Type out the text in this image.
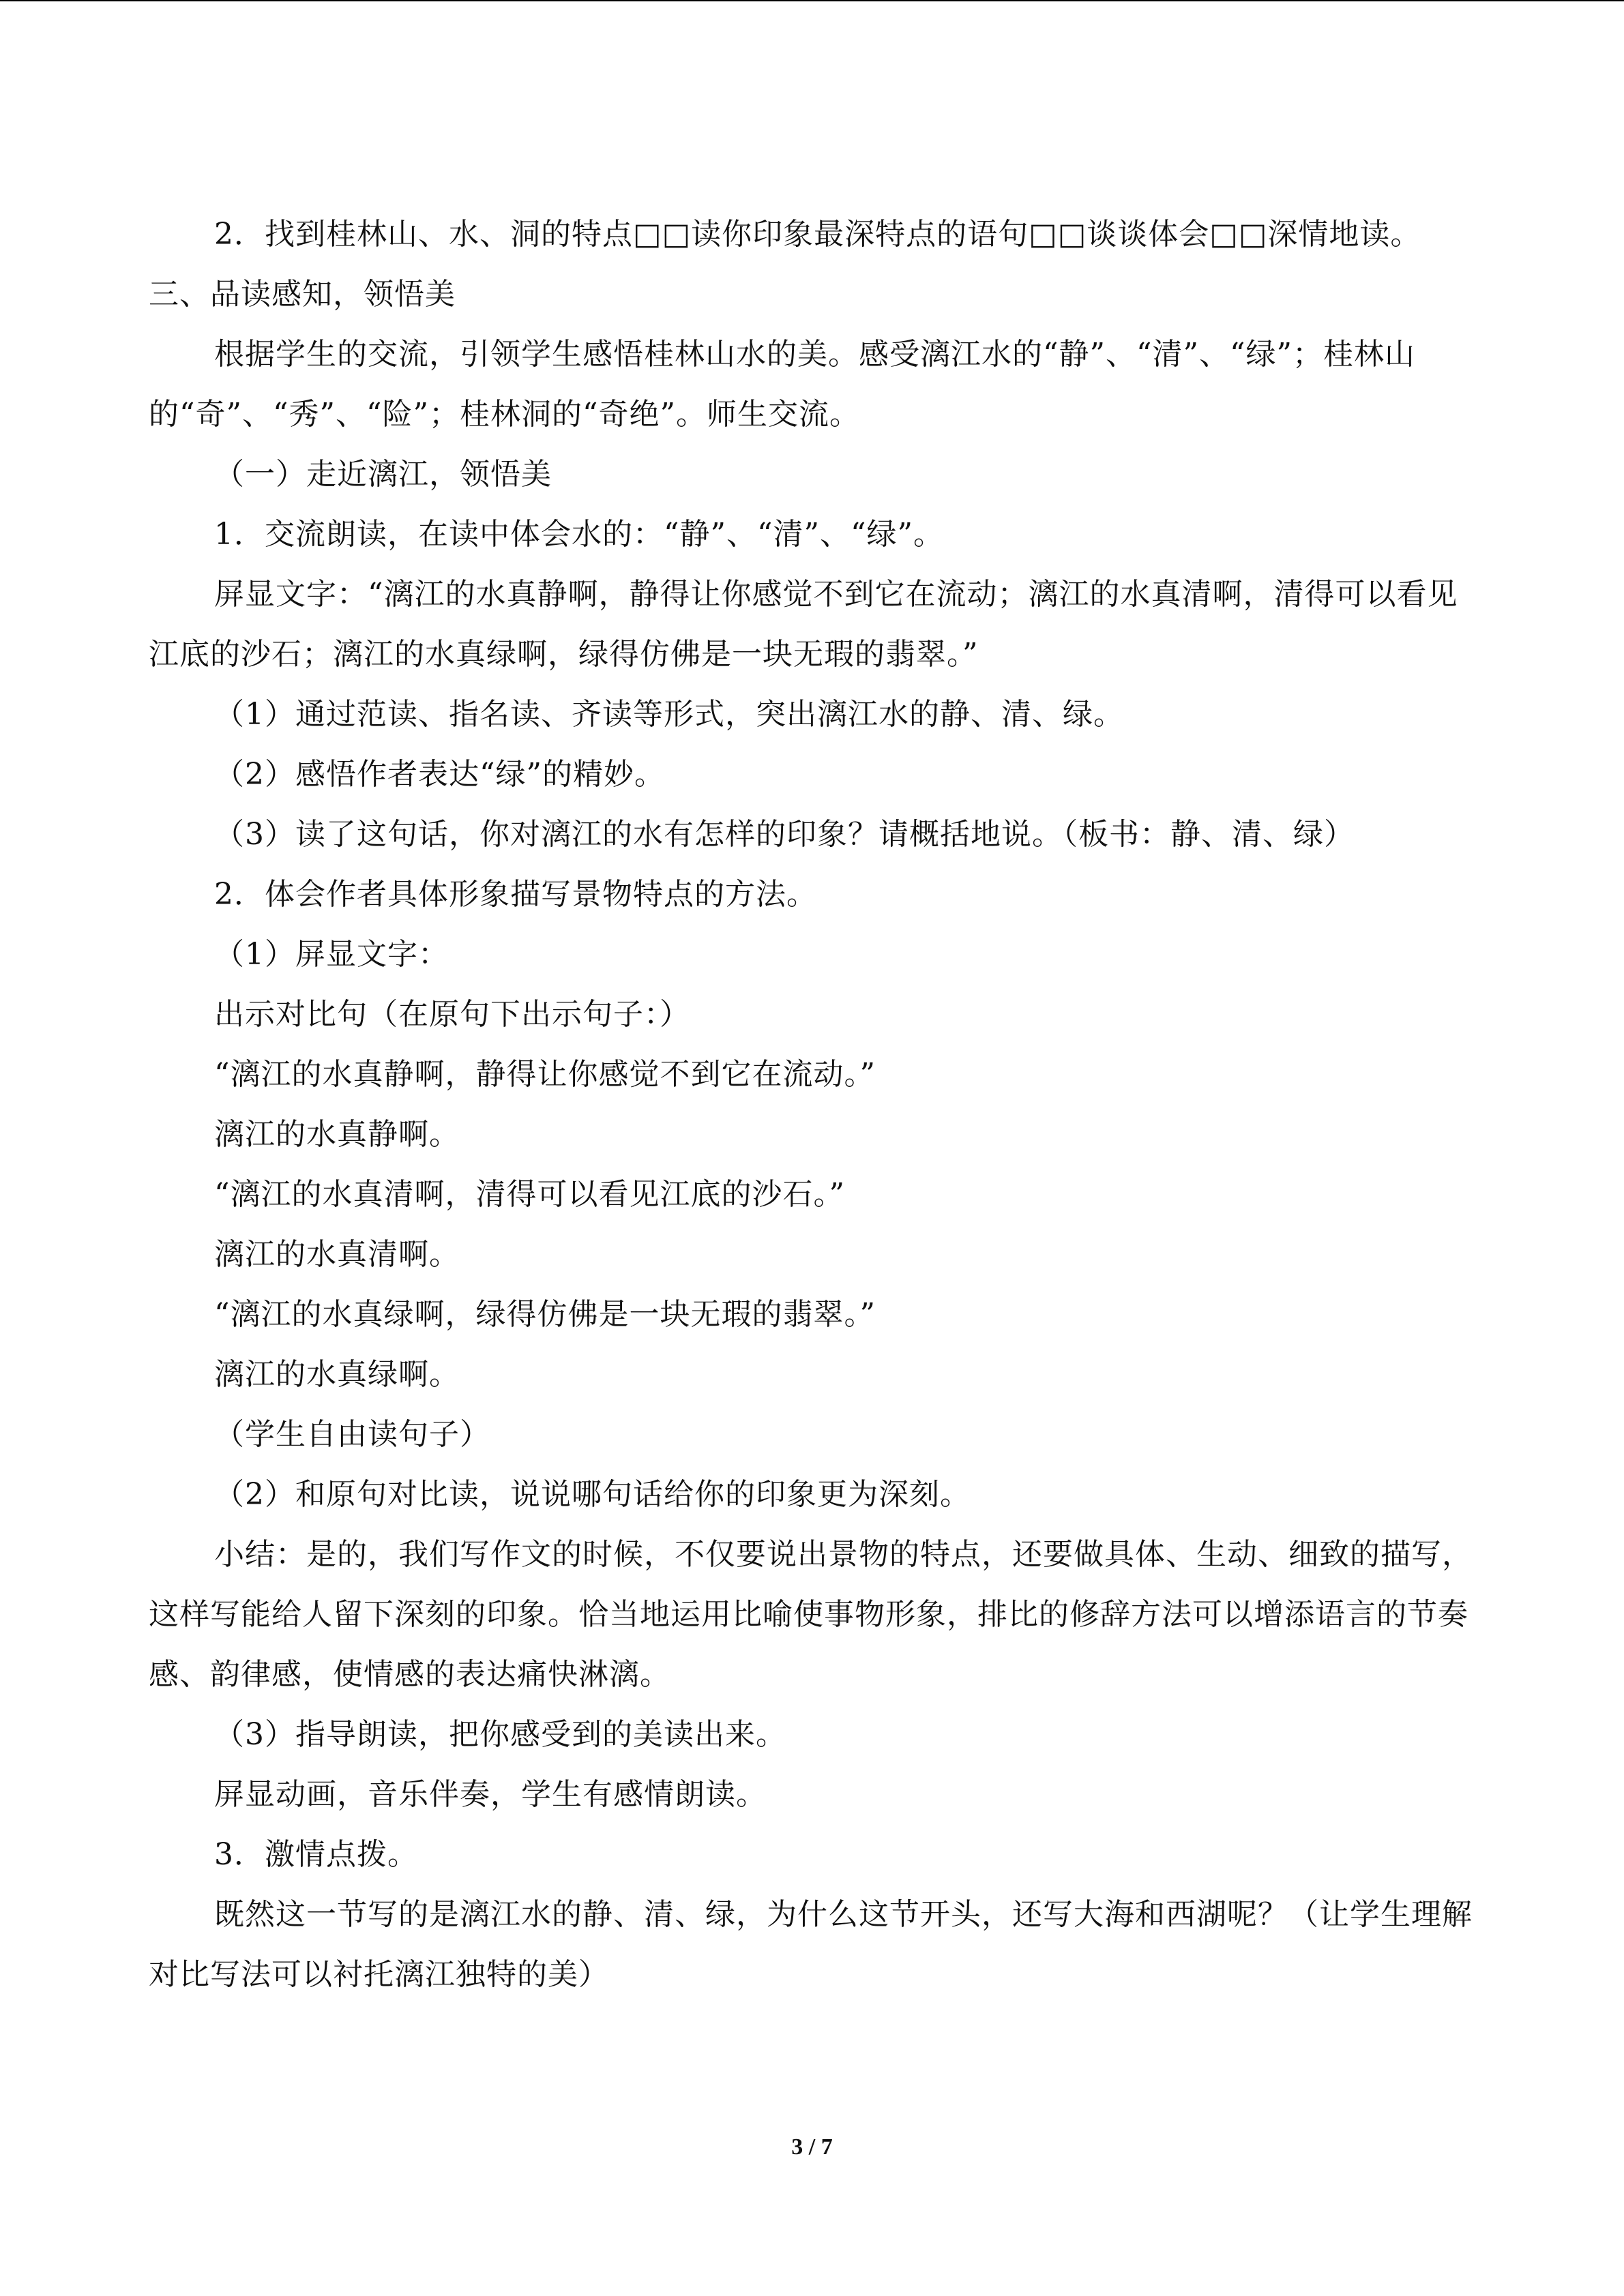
2．找到桂林山、水、洞的特点□□读你印象最深特点的语句□□谈谈体会□□深情地读。

三、品读感知，领悟美

根据学生的交流，引领学生感悟桂林山水的美。感受漓江水的“静”、“清”、“绿”；桂林山的“奇”、“秀”、“险”；桂林洞的“奇绝”。师生交流。

（一）走近漓江，领悟美

1．交流朗读，在读中体会水的：“静”、“清”、“绿”。

屏显文字：“漓江的水真静啊，静得让你感觉不到它在流动；漓江的水真清啊，清得可以看见江底的沙石；漓江的水真绿啊，绿得仿佛是一块无瑕的翡翠。”

（1）通过范读、指名读、齐读等形式，突出漓江水的静、清、绿。

（2）感悟作者表达“绿”的精妙。

（3）读了这句话，你对漓江的水有怎样的印象？请概括地说。（板书：静、清、绿）

2．体会作者具体形象描写景物特点的方法。

（1）屏显文字：

出示对比句（在原句下出示句子：）

“漓江的水真静啊，静得让你感觉不到它在流动。”

漓江的水真静啊。

“漓江的水真清啊，清得可以看见江底的沙石。”

漓江的水真清啊。

“漓江的水真绿啊，绿得仿佛是一块无瑕的翡翠。”

漓江的水真绿啊。

（学生自由读句子）

（2）和原句对比读，说说哪句话给你的印象更为深刻。

小结：是的，我们写作文的时候，不仅要说出景物的特点，还要做具体、生动、细致的描写，这样写能给人留下深刻的印象。恰当地运用比喻使事物形象，排比的修辞方法可以增添语言的节奏感、韵律感，使情感的表达痛快淋漓。

（3）指导朗读，把你感受到的美读出来。

屏显动画，音乐伴奏，学生有感情朗读。

3．激情点拨。

既然这一节写的是漓江水的静、清、绿，为什么这节开头，还写大海和西湖呢？（让学生理解对比写法可以衬托漓江独特的美）

3 / 7
